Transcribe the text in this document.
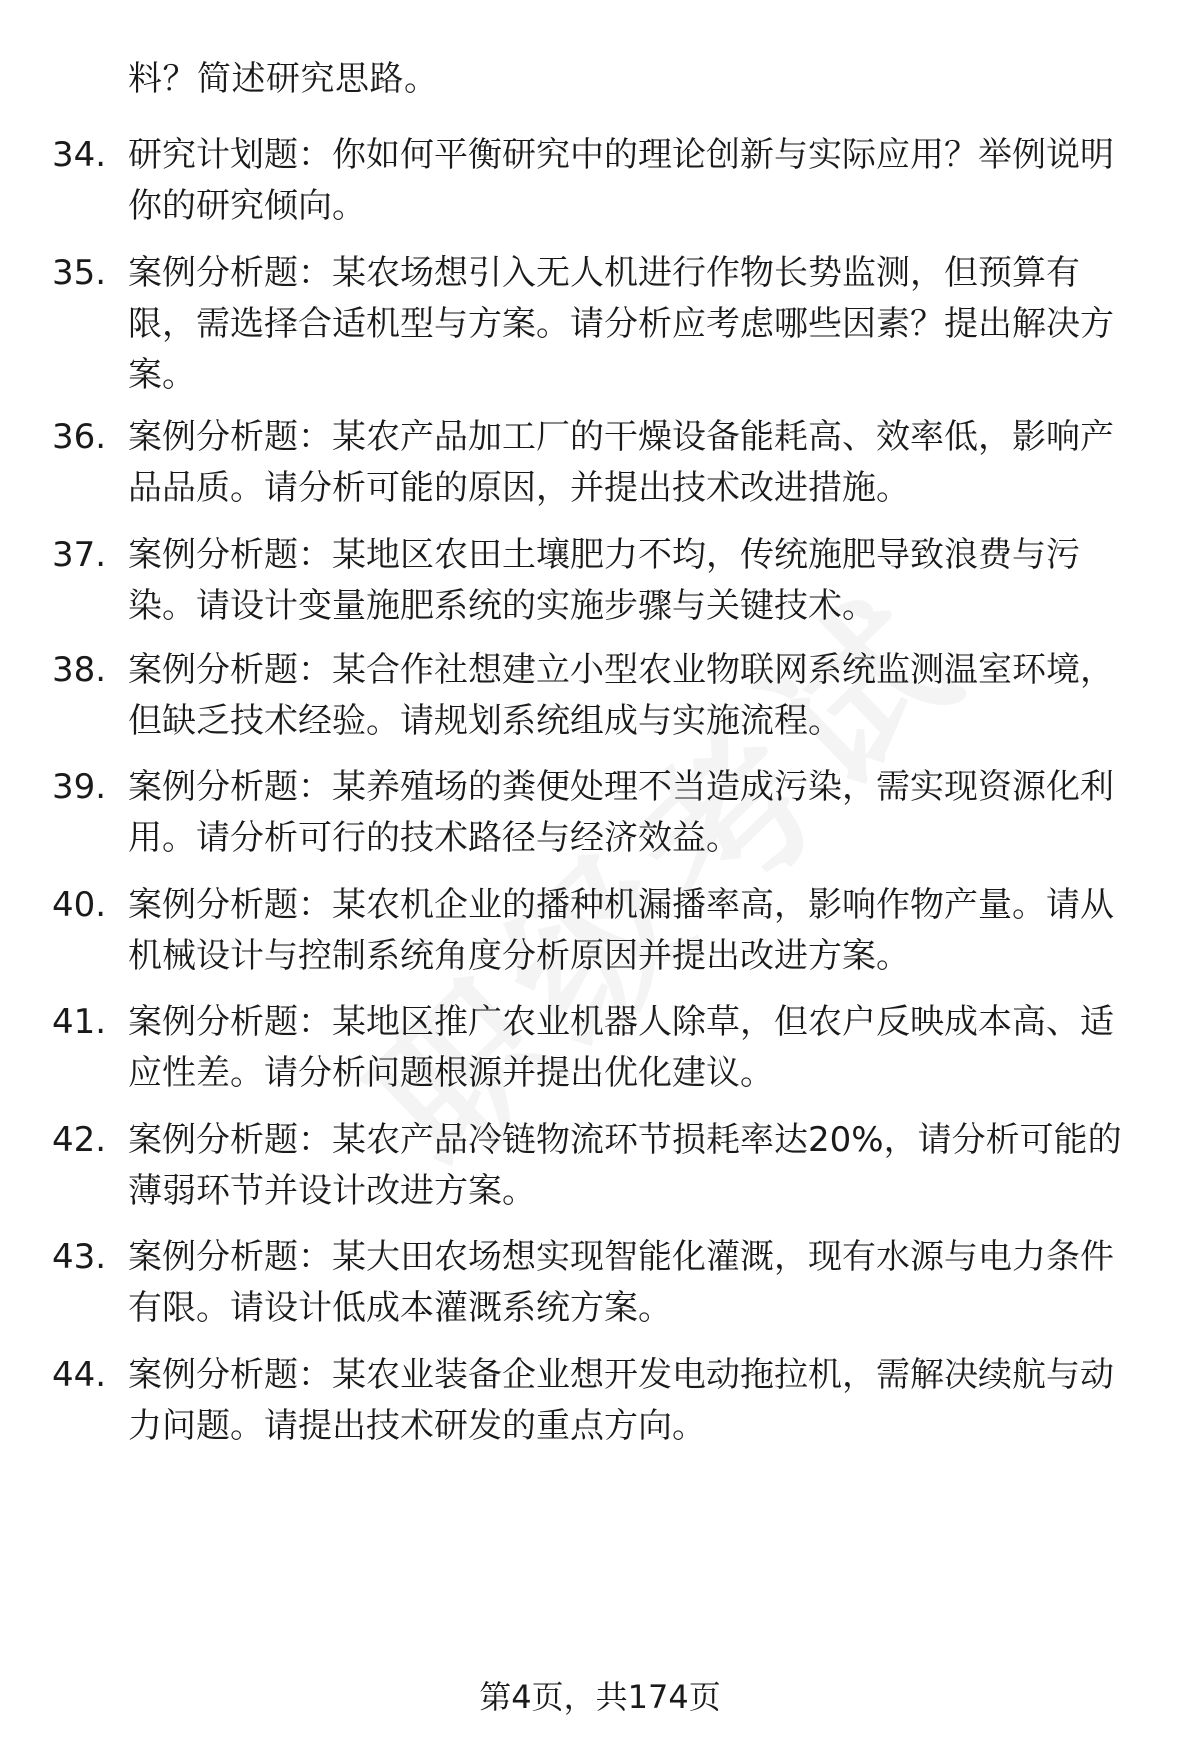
料？简述研究思路。

34. 研究计划题：你如何平衡研究中的理论创新与实际应用？举例说明你的研究倾向。
35. 案例分析题：某农场想引入无人机进行作物长势监测，但预算有限，需选择合适机型与方案。请分析应考虑哪些因素？提出解决方案。
36. 案例分析题：某农产品加工厂的干燥设备能耗高、效率低，影响产品品质。请分析可能的原因，并提出技术改进措施。
37. 案例分析题：某地区农田土壤肥力不均，传统施肥导致浪费与污染。请设计变量施肥系统的实施步骤与关键技术。
38. 案例分析题：某合作社想建立小型农业物联网系统监测温室环境，但缺乏技术经验。请规划系统组成与实施流程。
39. 案例分析题：某养殖场的粪便处理不当造成污染，需实现资源化利用。请分析可行的技术路径与经济效益。
40. 案例分析题：某农机企业的播种机漏播率高，影响作物产量。请从机械设计与控制系统角度分析原因并提出改进方案。
41. 案例分析题：某地区推广农业机器人除草，但农户反映成本高、适应性差。请分析问题根源并提出优化建议。
42. 案例分析题：某农产品冷链物流环节损耗率达20%，请分析可能的薄弱环节并设计改进方案。
43. 案例分析题：某大田农场想实现智能化灌溉，现有水源与电力条件有限。请设计低成本灌溉系统方案。
44. 案例分析题：某农业装备企业想开发电动拖拉机，需解决续航与动力问题。请提出技术研发的重点方向。
第4页，共174页
